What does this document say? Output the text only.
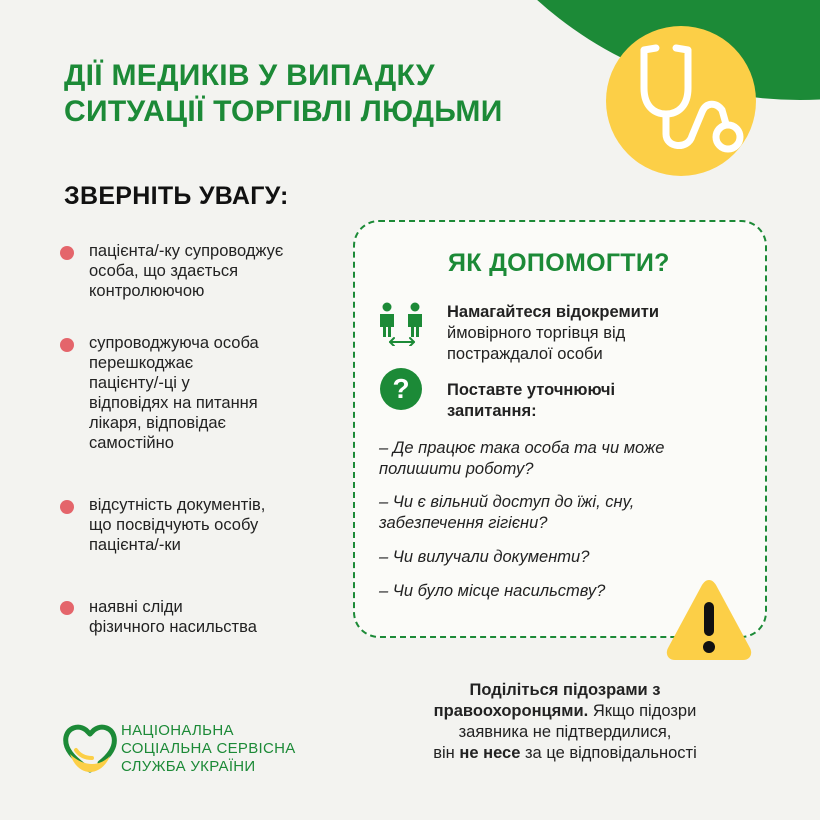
ДІЇ МЕДИКІВ У ВИПАДКУ
СИТУАЦІЇ ТОРГІВЛІ ЛЮДЬМИ
ЗВЕРНІТЬ УВАГУ:
пацієнта/-ку супроводжує
особа, що здається
контролюючою
супроводжуюча особа
перешкоджає
пацієнту/-ці у
відповідях на питання
лікаря, відповідає
самостійно
відсутність документів,
що посвідчують особу
пацієнта/-ки
наявні сліди
фізичного насильства
ЯК ДОПОМОГТИ?
Намагайтеся відокремити
ймовірного торгівця від
постраждалої особи
?	Поставте уточнюючі
запитання:
– Де працює така особа та чи може
полишити роботу?
– Чи є вільний доступ до їжі, сну,
забезпечення гігієни?
– Чи вилучали документи?
– Чи було місце насильству?
Поділіться підозрами з
правоохоронцями. Якщо підозри
заявника не підтвердилися,
він не несе за це відповідальності
НАЦІОНАЛЬНА
СОЦІАЛЬНА СЕРВІСНА
СЛУЖБА УКРАЇНИ
